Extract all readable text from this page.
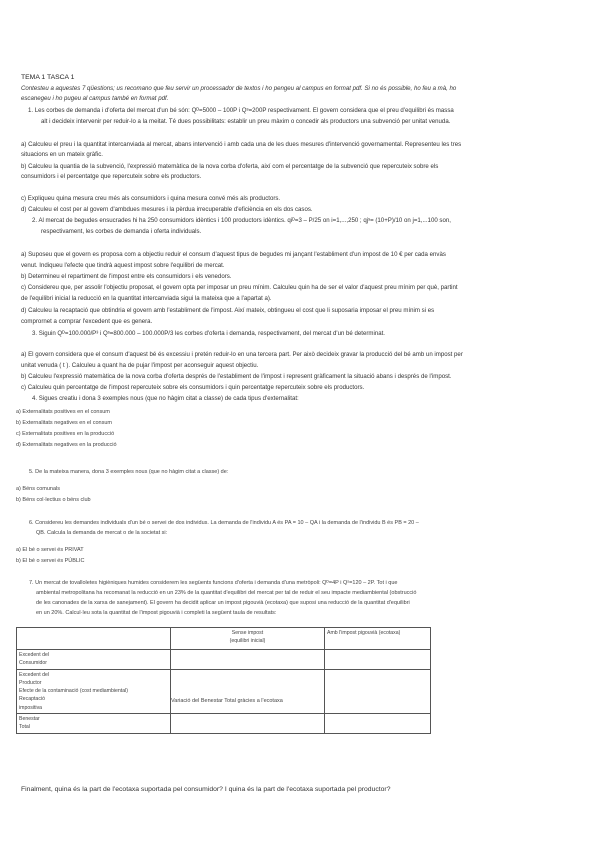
TEMA 1 TASCA 1

Contesteu a aquestes 7 qüestions; us recomano que feu servir un processador de textos i ho pengeu al campus en format pdf. Si no és possible, ho feu a mà, ho

escanegeu i ho pugeu al campus també en format pdf.

1. Les corbes de demanda i d'oferta del mercat d'un bé són: Qᴰ=5000 – 100P i Qˢ=200P respectivament. El govern considera que el preu d'equilibri és massa

alt i decideix intervenir per reduir-lo a la meitat. Té dues possibilitats: establir un preu màxim o concedir als productors una subvenció per unitat venuda.

a) Calculeu el preu i la quantitat intercanviada al mercat, abans intervenció i amb cada una de les dues mesures d'intervenció governamental. Representeu les tres

situacions en un mateix gràfic.

b) Calculeu la quantia de la subvenció, l'expressió matemàtica de la nova corba d'oferta, així com el percentatge de la subvenció que repercuteix sobre els

consumidors i el percentatge que repercuteix sobre els productors.

c) Expliqueu quina mesura creu més als consumidors i quina mesura convé més als productors.

d) Calculeu el cost per al govern d'ambdues mesures i la pèrdua irrecuperable d'eficiència en els dos casos.

2. Al mercat de begudes ensucrades hi ha 250 consumidors idèntics i 100 productors idèntics. qiᴰ=3 – P/25 on i=1,...,250 ; qjˢ= (10+P)/10 on j=1,...100 son,

respectivament, les corbes de demanda i oferta individuals.

a) Suposeu que el govern es proposa com a objectiu reduir el consum d'aquest tipus de begudes mi jançant l'establiment d'un impost de 10 € per cada envàs

venut. Indiqueu l'efecte que tindrà aquest impost sobre l'equilibri de mercat.

b) Determineu el repartiment de l'impost entre els consumidors i els venedors.

c) Considereu que, per assolir l'objectiu proposat, el govern opta per imposar un preu mínim. Calculeu quin ha de ser el valor d'aquest preu mínim per què, partint

de l'equilibri inicial la reducció en la quantitat intercanviada sigui la mateixa que a l'apartat a).

d) Calculeu la recaptació que obtindria el govern amb l'establiment de l'impost. Així mateix, obtingueu el cost que li suposaria imposar el preu mínim si es

comprornet a comprar l'excedent que es genera.

3. Siguin Qᴰ=100.000/P³ i Qˢ=800.000 – 100.000P/3 les corbes d'oferta i demanda, respectivament, del mercat d'un bé determinat.

a) El govern considera que el consum d'aquest bé és excessiu i pretén reduir-lo en una tercera part. Per això decideix gravar la producció del bé amb un impost per

unitat venuda ( t ). Calculeu a quant ha de pujar l'impost per aconseguir aquest objectiu.

b) Calculeu l'expressió matemàtica de la nova corba d'oferta després de l'establiment de l'impost i represent gràficament la situació abans i després de l'impost.

c) Calculeu quin percentatge de l'impost repercuteix sobre els consumidors i quin percentatge repercuteix sobre els productors.

4. Sigues creatiu i dona 3 exemples nous (que no hàgim citat a classe) de cada tipus d'externalitat:

a) Externalitats positives en el consum

b) Externalitats negatives en el consum

c) Externalitats positives en la producció

d) Externalitats negatives en la producció

5. De la mateixa manera, dona 3 exemples nous (que no hàgim citat a classe) de:

a) Béns comunals

b) Béns col·lectius o béns club

6. Considereu les demandes individuals d'un bé o servei de dos individus. La demanda de l'individu A és PA = 10 – QA i la demanda de l'individu B és PB = 20 –

QB. Calcula la demanda de mercat o de la societat si:

a) El bé o servei és PRIVAT

b) El bé o servei és PÚBLIC

7. Un mercat de tovalloletes higièniques humides considerem les següents funcions d'oferta i demanda d'una metròpoli: Qᴰ=4P i Qˢ=120 – 2P. Tot i que

ambiental metropolitana ha recomanat la reducció en un 23% de la quantitat d'equilibri del mercat per tal de reduir el seu impacte mediambiental (obstrucció

de les canonades de la xarxa de sanejament). El govern ha decidit aplicar un impost pigouvià (ecotaxa) que suposi una reducció de la quantitat d'equilibri

en un 20%. Calcul·leu sota la quantitat de l'impost pigouvià i completi la següent taula de resultats:

	Sense impost
(equilibri inicial)	Amb l'impost pigouvià (ecotaxa)

Excedent del
Consumidor		

Excedent del
Productor
Efecte de la contaminació (cost mediambiental)
Recaptació
impositiva		

Benestar
Total		

Variació del Benestar Total gràcies a l'ecotaxa

Finalment, quina és la part de l'ecotaxa suportada pel consumidor? I quina és la part de l'ecotaxa suportada pel productor?
